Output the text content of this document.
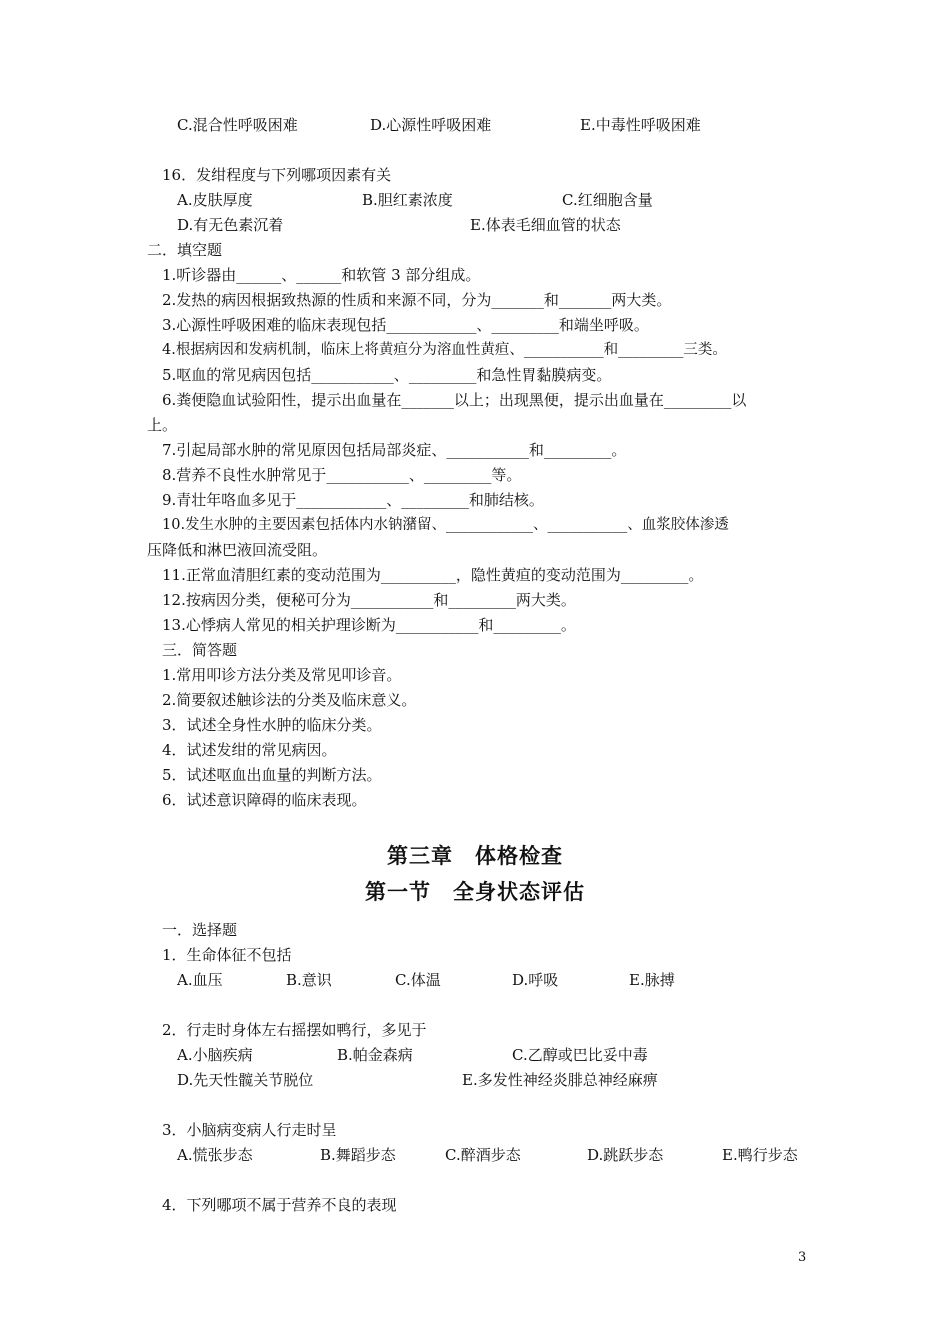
C.混合性呼吸困难	D.心源性呼吸困难	E.中毒性呼吸困难
16．发绀程度与下列哪项因素有关
A.皮肤厚度	B.胆红素浓度	C.红细胞含量
D.有无色素沉着	E.体表毛细血管的状态
二．填空题
1.听诊器由______、______和软管 3 部分组成。
2.发热的病因根据致热源的性质和来源不同，分为_______和_______两大类。
3.心源性呼吸困难的临床表现包括____________、_________和端坐呼吸。
4.根据病因和发病机制，临床上将黄疸分为溶血性黄疸、___________和_________三类。
5.呕血的常见病因包括___________、_________和急性胃黏膜病变。
6.粪便隐血试验阳性，提示出血量在_______以上；出现黑便，提示出血量在_________以
上。
7.引起局部水肿的常见原因包括局部炎症、___________和_________。
8.营养不良性水肿常见于___________、_________等。
9.青壮年咯血多见于____________、_________和肺结核。
10.发生水肿的主要因素包括体内水钠潴留、____________、___________、血浆胶体渗透
压降低和淋巴液回流受阻。
11.正常血清胆红素的变动范围为__________，隐性黄疸的变动范围为_________。
12.按病因分类，便秘可分为___________和_________两大类。
13.心悸病人常见的相关护理诊断为___________和_________。
三．简答题
1.常用叩诊方法分类及常见叩诊音。
2.简要叙述触诊法的分类及临床意义。
3．试述全身性水肿的临床分类。
4．试述发绀的常见病因。
5．试述呕血出血量的判断方法。
6．试述意识障碍的临床表现。
第三章　体格检查
第一节　全身状态评估
一．选择题
1．生命体征不包括
A.血压	B.意识	C.体温	D.呼吸	E.脉搏
2．行走时身体左右摇摆如鸭行，多见于
A.小脑疾病	B.帕金森病	C.乙醇或巴比妥中毒
D.先天性髋关节脱位	E.多发性神经炎腓总神经麻痹
3．小脑病变病人行走时呈
A.慌张步态	B.舞蹈步态	C.醉酒步态	D.跳跃步态	E.鸭行步态
4．下列哪项不属于营养不良的表现
3
